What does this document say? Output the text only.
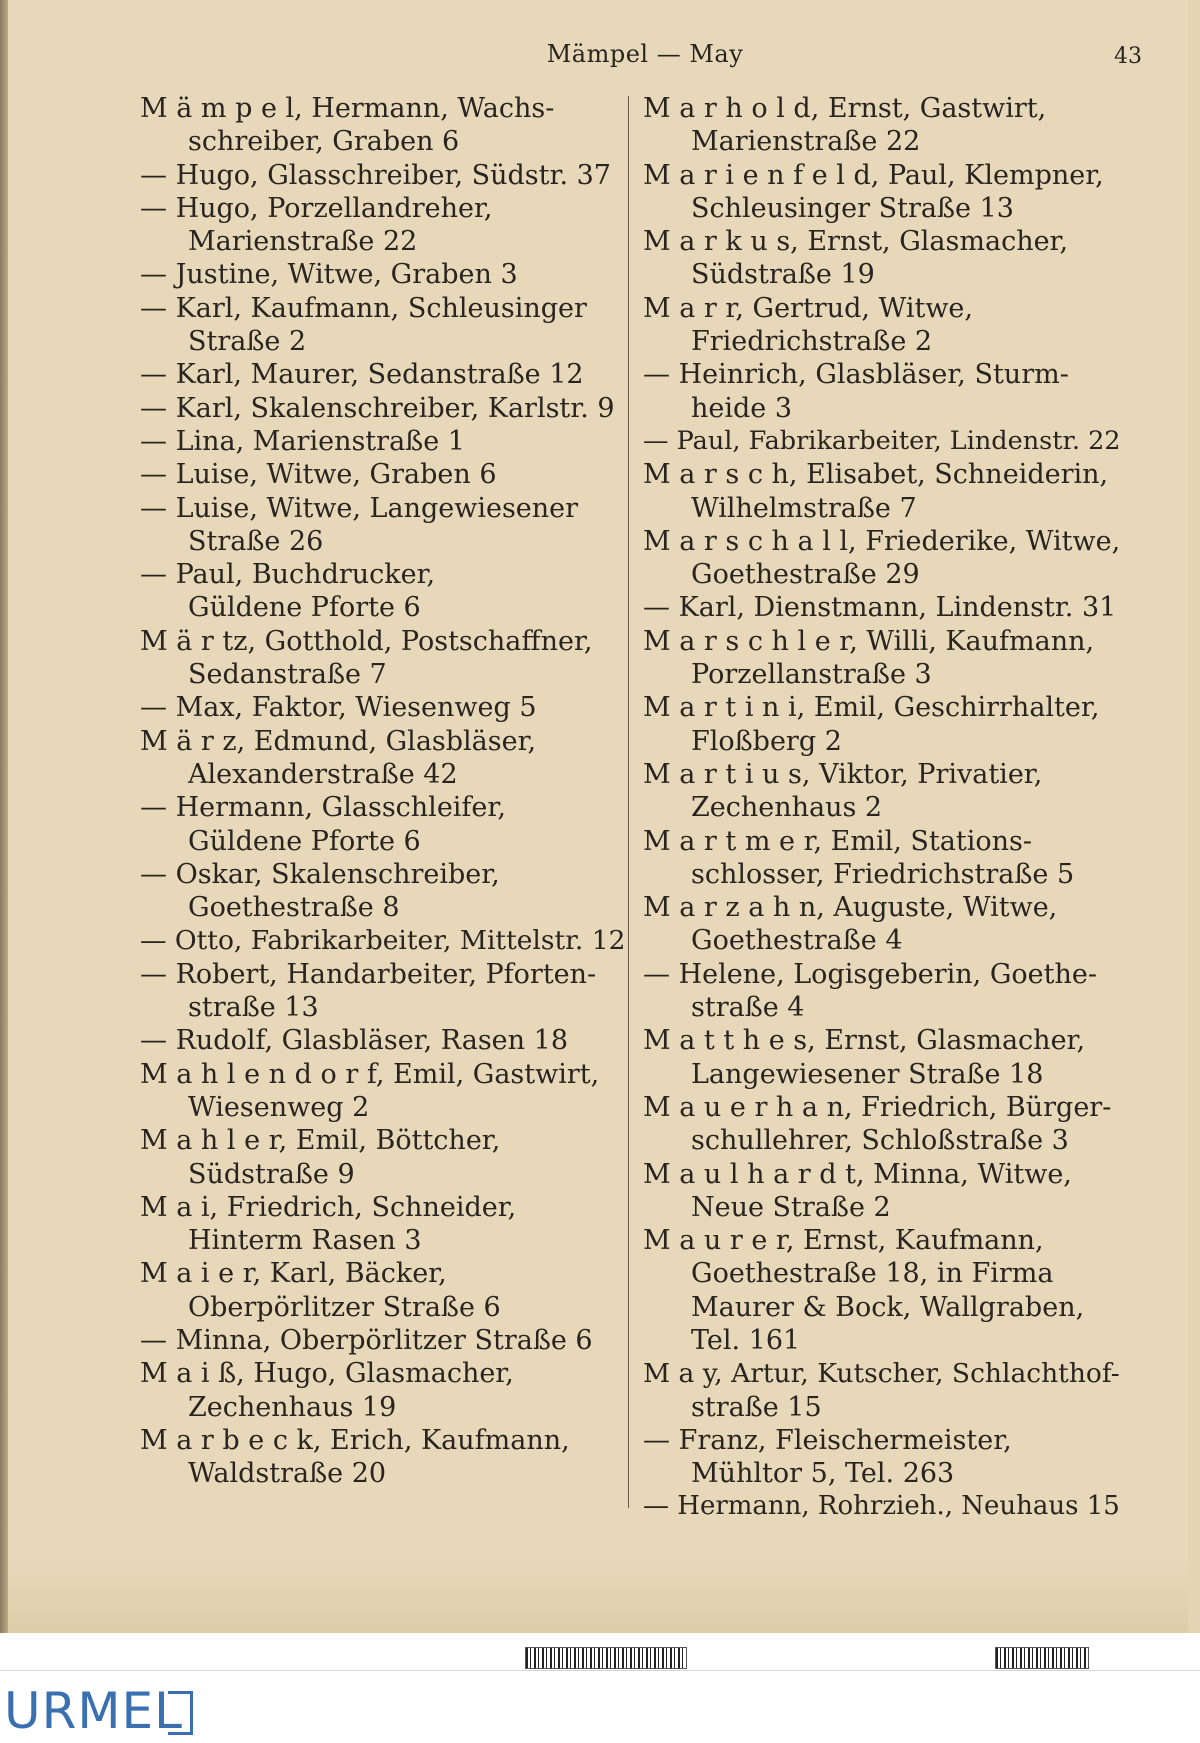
Mämpel — May	43
M ä m p e l, Hermann, Wachs-
schreiber, Graben 6
— Hugo, Glasschreiber, Südstr. 37
— Hugo, Porzellandreher,
Marienstraße 22
— Justine, Witwe, Graben 3
— Karl, Kaufmann, Schleusinger
Straße 2
— Karl, Maurer, Sedanstraße 12
— Karl, Skalenschreiber, Karlstr. 9
— Lina, Marienstraße 1
— Luise, Witwe, Graben 6
— Luise, Witwe, Langewiesener
Straße 26
— Paul, Buchdrucker,
Güldene Pforte 6
M ä r tz, Gotthold, Postschaffner,
Sedanstraße 7
— Max, Faktor, Wiesenweg 5
M ä r z, Edmund, Glasbläser,
Alexanderstraße 42
— Hermann, Glasschleifer,
Güldene Pforte 6
— Oskar, Skalenschreiber,
Goethestraße 8
— Otto, Fabrikarbeiter, Mittelstr. 12
— Robert, Handarbeiter, Pforten-
straße 13
— Rudolf, Glasbläser, Rasen 18
M a h l e n d o r f, Emil, Gastwirt,
Wiesenweg 2
M a h l e r, Emil, Böttcher,
Südstraße 9
M a i, Friedrich, Schneider,
Hinterm Rasen 3
M a i e r, Karl, Bäcker,
Oberpörlitzer Straße 6
— Minna, Oberpörlitzer Straße 6
M a i ß, Hugo, Glasmacher,
Zechenhaus 19
M a r b e c k, Erich, Kaufmann,
Waldstraße 20
M a r h o l d, Ernst, Gastwirt,
Marienstraße 22
M a r i e n f e l d, Paul, Klempner,
Schleusinger Straße 13
M a r k u s, Ernst, Glasmacher,
Südstraße 19
M a r r, Gertrud, Witwe,
Friedrichstraße 2
— Heinrich, Glasbläser, Sturm-
heide 3
— Paul, Fabrikarbeiter, Lindenstr. 22
M a r s c h, Elisabet, Schneiderin,
Wilhelmstraße 7
M a r s c h a l l, Friederike, Witwe,
Goethestraße 29
— Karl, Dienstmann, Lindenstr. 31
M a r s c h l e r, Willi, Kaufmann,
Porzellanstraße 3
M a r t i n i, Emil, Geschirrhalter,
Floßberg 2
M a r t i u s, Viktor, Privatier,
Zechenhaus 2
M a r t m e r, Emil, Stations-
schlosser, Friedrichstraße 5
M a r z a h n, Auguste, Witwe,
Goethestraße 4
— Helene, Logisgeberin, Goethe-
straße 4
M a t t h e s, Ernst, Glasmacher,
Langewiesener Straße 18
M a u e r h a n, Friedrich, Bürger-
schullehrer, Schloßstraße 3
M a u l h a r d t, Minna, Witwe,
Neue Straße 2
M a u r e r, Ernst, Kaufmann,
Goethestraße 18, in Firma
Maurer & Bock, Wallgraben,
Tel. 161
M a y, Artur, Kutscher, Schlachthof-
straße 15
— Franz, Fleischermeister,
Mühltor 5, Tel. 263
— Hermann, Rohrzieh., Neuhaus 15
URMEL
